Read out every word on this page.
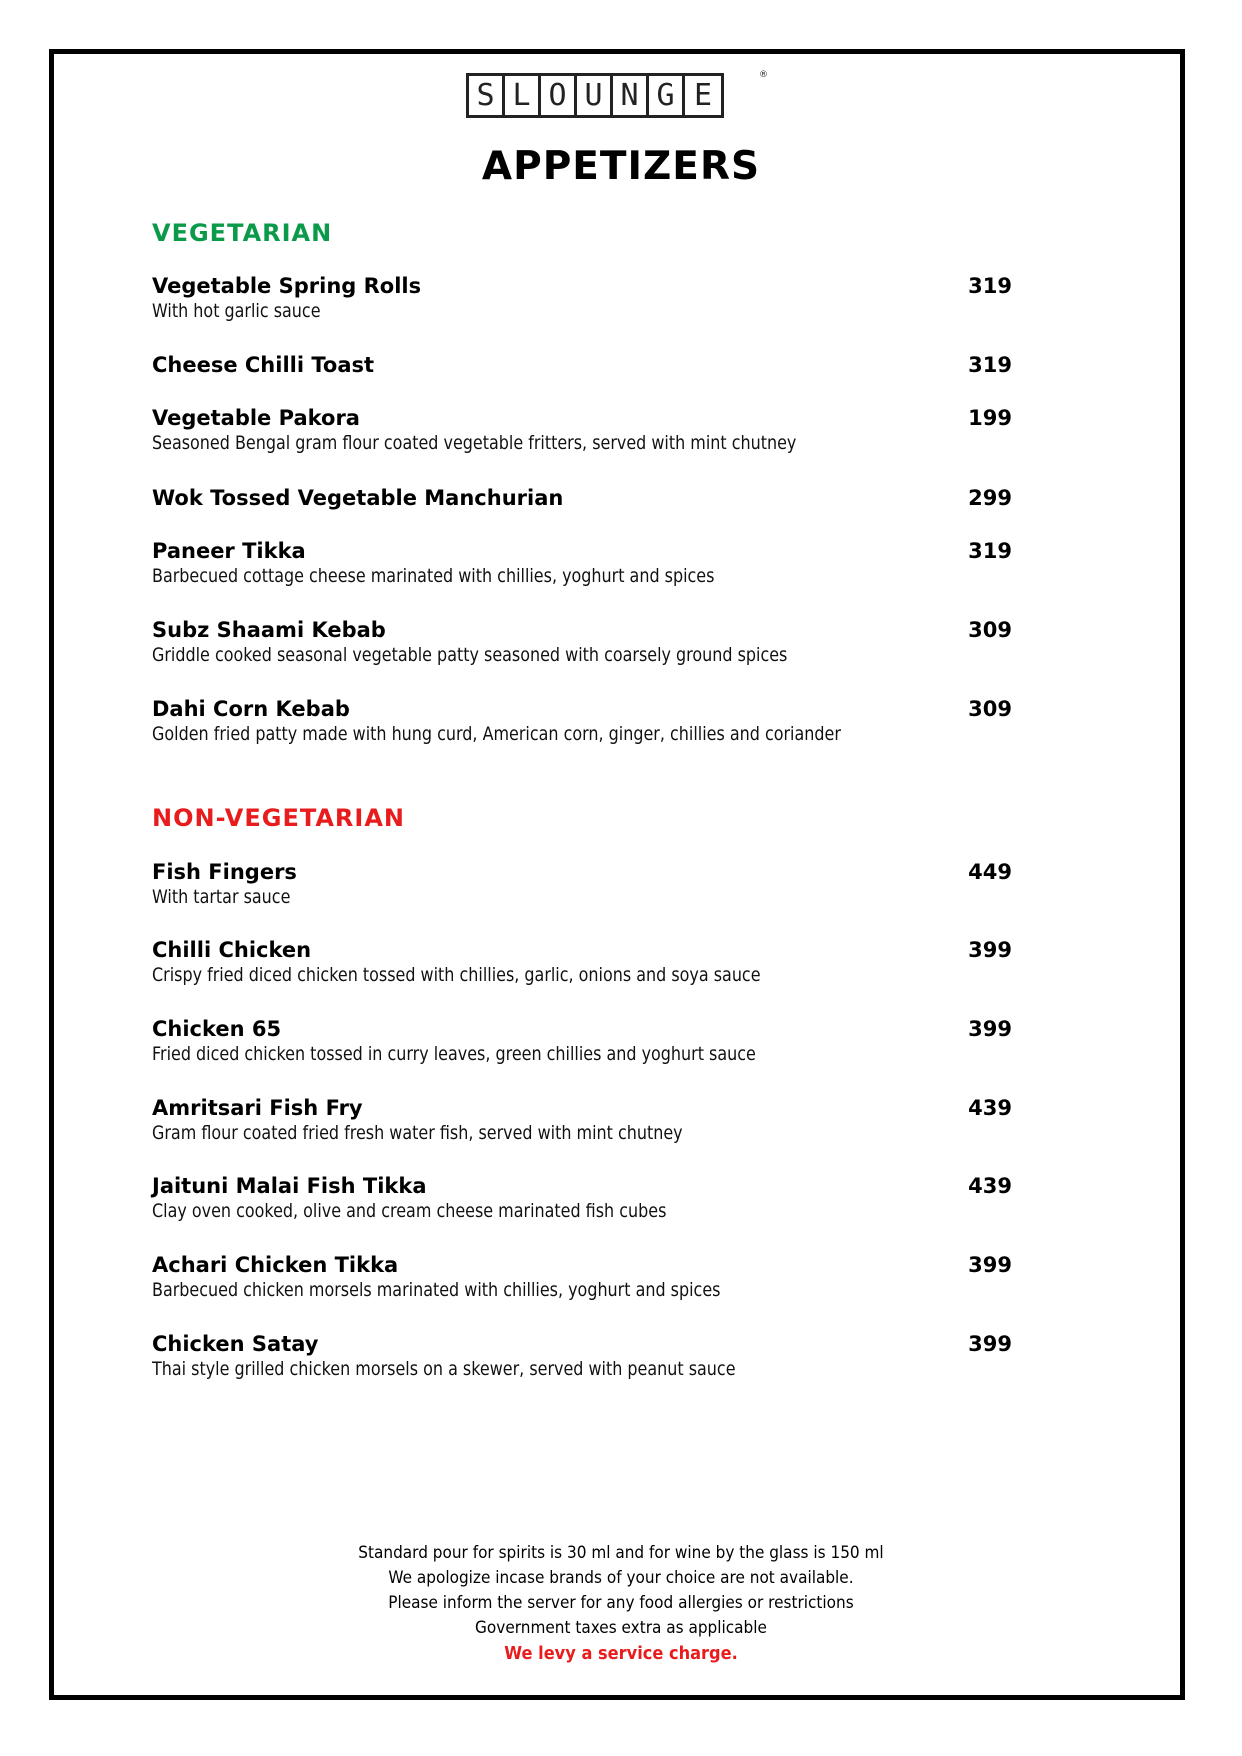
S L O U N G E
®
APPETIZERS
VEGETARIAN
Vegetable Spring Rolls	319
With hot garlic sauce
Cheese Chilli Toast	319
Vegetable Pakora	199
Seasoned Bengal gram flour coated vegetable fritters, served with mint chutney
Wok Tossed Vegetable Manchurian	299
Paneer Tikka	319
Barbecued cottage cheese marinated with chillies, yoghurt and spices
Subz Shaami Kebab	309
Griddle cooked seasonal vegetable patty seasoned with coarsely ground spices
Dahi Corn Kebab	309
Golden fried patty made with hung curd, American corn, ginger, chillies and coriander
NON-VEGETARIAN
Fish Fingers	449
With tartar sauce
Chilli Chicken	399
Crispy fried diced chicken tossed with chillies, garlic, onions and soya sauce
Chicken 65	399
Fried diced chicken tossed in curry leaves, green chillies and yoghurt sauce
Amritsari Fish Fry	439
Gram flour coated fried fresh water fish, served with mint chutney
Jaituni Malai Fish Tikka	439
Clay oven cooked, olive and cream cheese marinated fish cubes
Achari Chicken Tikka	399
Barbecued chicken morsels marinated with chillies, yoghurt and spices
Chicken Satay	399
Thai style grilled chicken morsels on a skewer, served with peanut sauce
Standard pour for spirits is 30 ml and for wine by the glass is 150 ml
We apologize incase brands of your choice are not available.
Please inform the server for any food allergies or restrictions
Government taxes extra as applicable
We levy a service charge.
